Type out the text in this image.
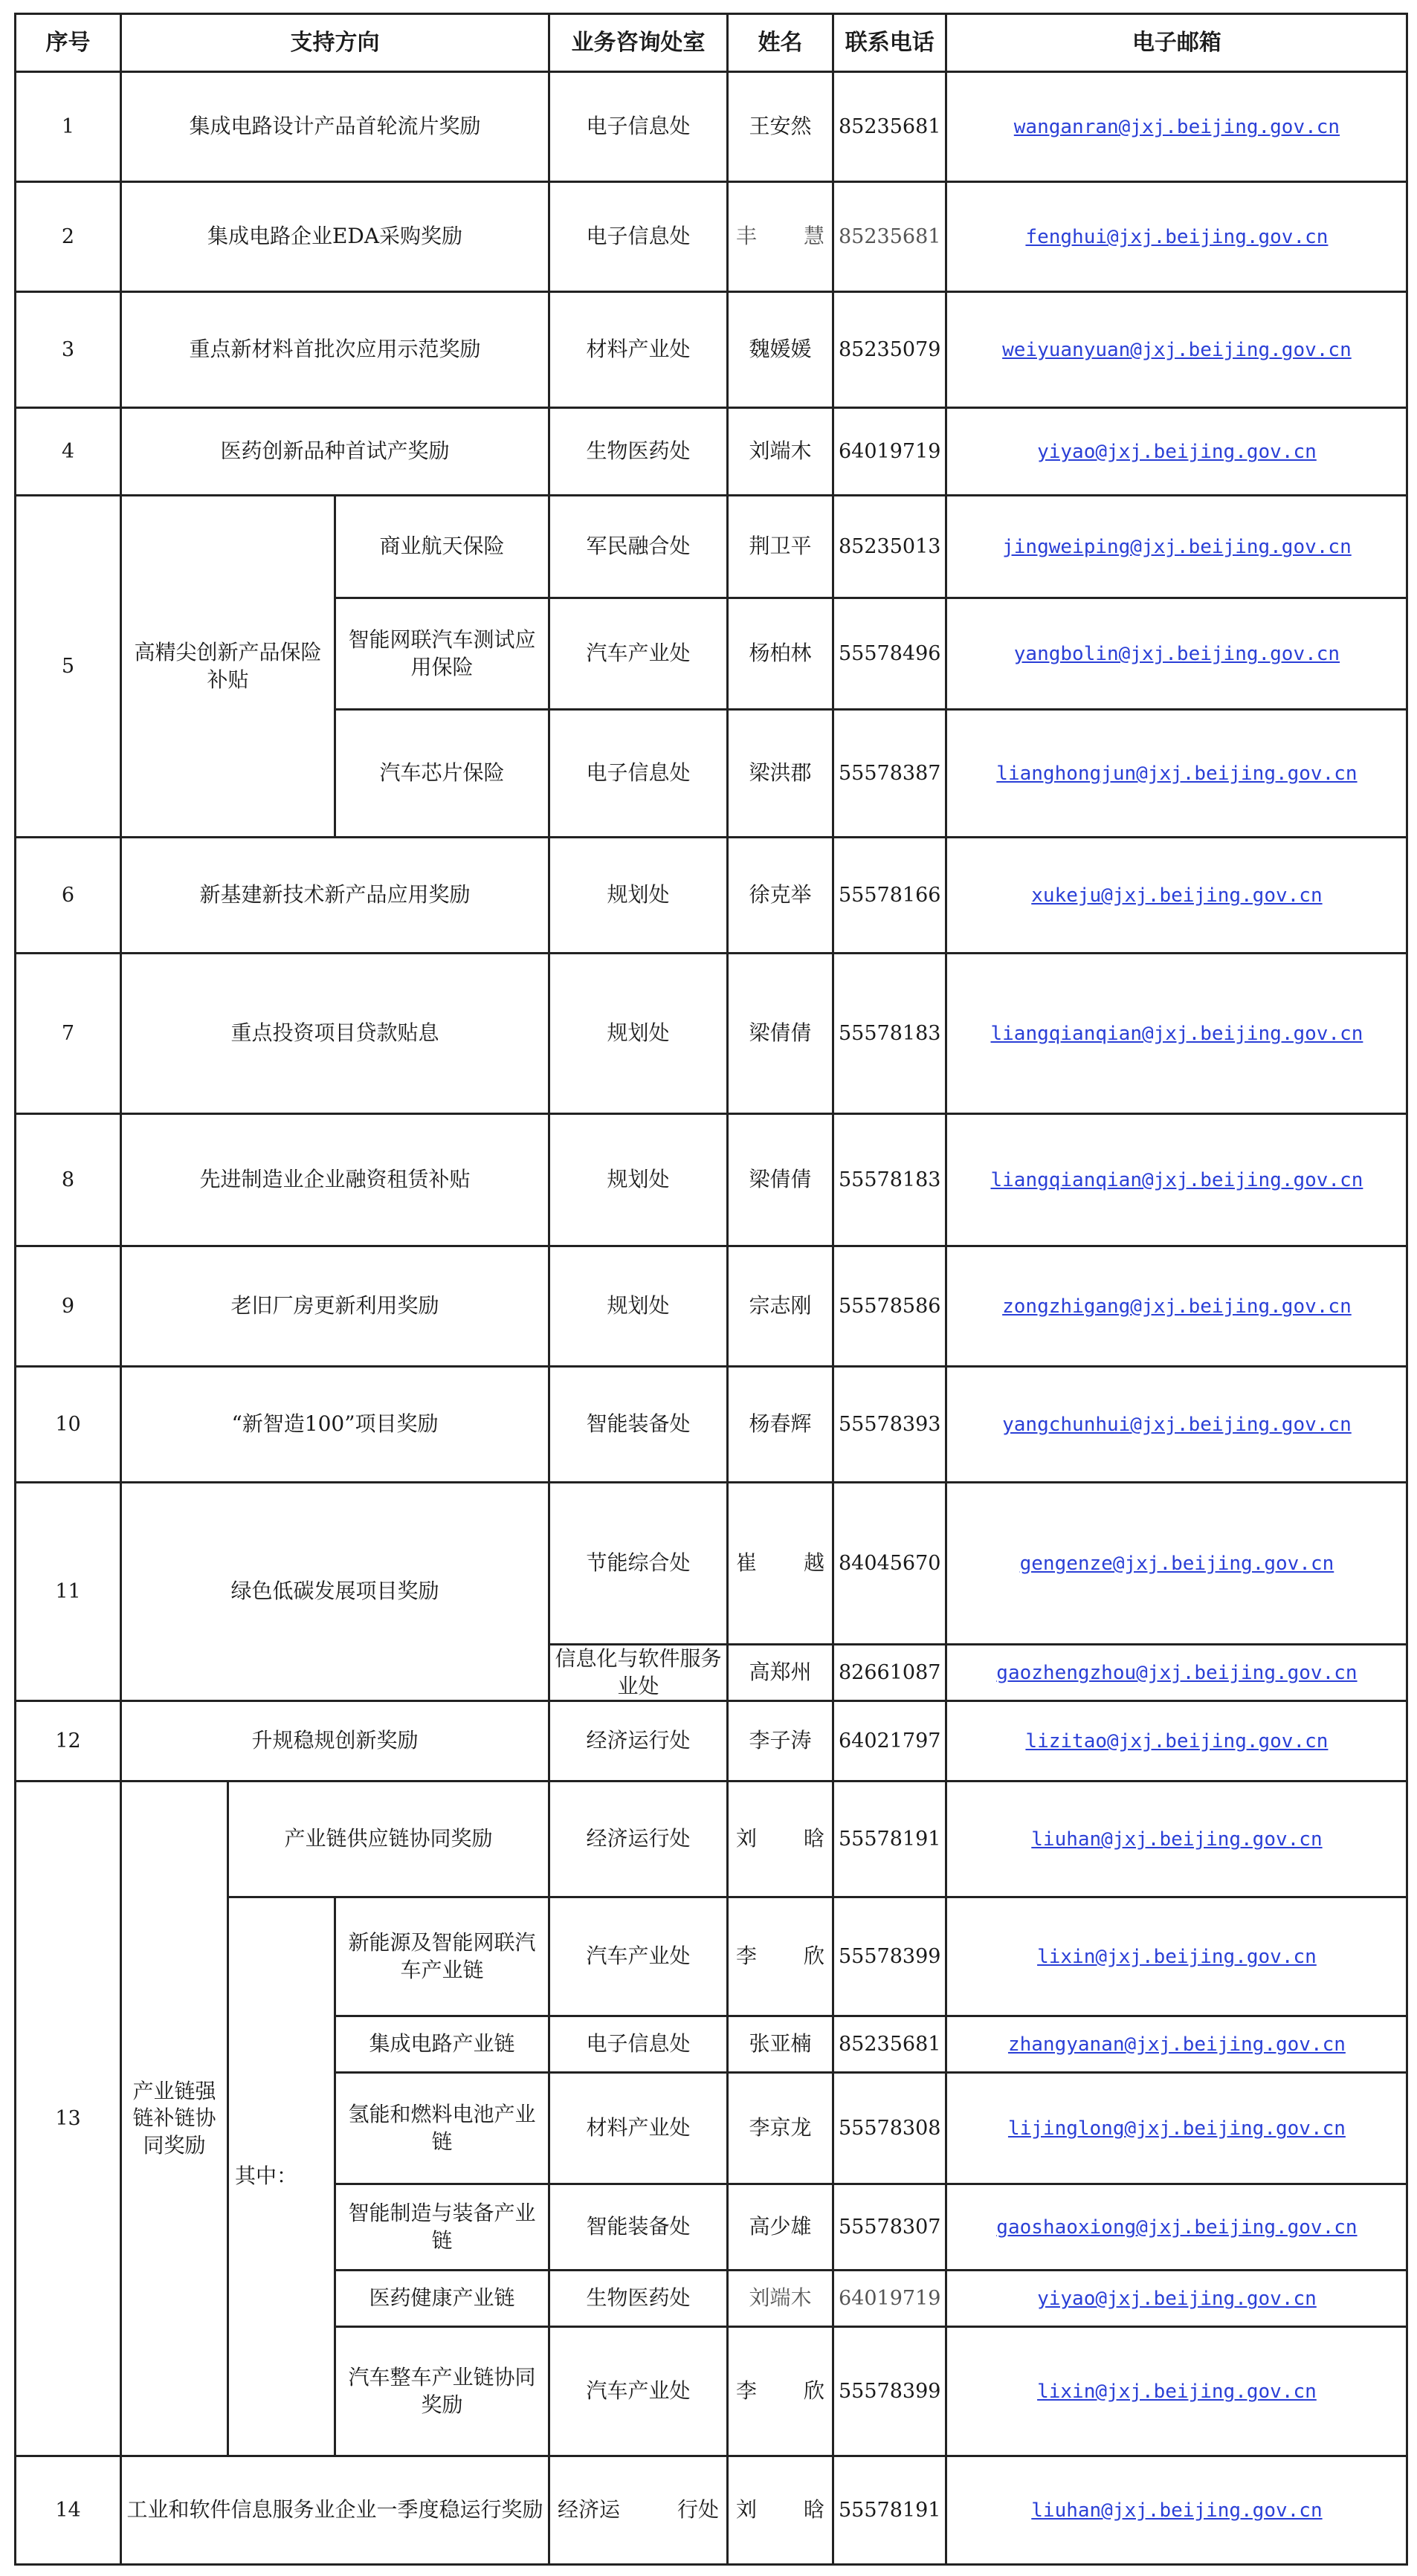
序号	支持方向			业务咨询处室	姓名	联系电话	电子邮箱
1	集成电路设计产品首轮流片奖励			电子信息处	王安然	85235681	wanganran@jxj.beijing.gov.cn
2	集成电路企业EDA采购奖励			电子信息处	丰 慧	85235681	fenghui@jxj.beijing.gov.cn
3	重点新材料首批次应用示范奖励			材料产业处	魏媛媛	85235079	weiyuanyuan@jxj.beijing.gov.cn
4	医药创新品种首试产奖励			生物医药处	刘端木	64019719	yiyao@jxj.beijing.gov.cn
5	高精尖创新产品保险补贴		商业航天保险	军民融合处	荆卫平	85235013	jingweiping@jxj.beijing.gov.cn
			智能网联汽车测试应用保险	汽车产业处	杨柏林	55578496	yangbolin@jxj.beijing.gov.cn
			汽车芯片保险	电子信息处	梁洪郡	55578387	lianghongjun@jxj.beijing.gov.cn
6	新基建新技术新产品应用奖励			规划处	徐克举	55578166	xukeju@jxj.beijing.gov.cn
7	重点投资项目贷款贴息			规划处	梁倩倩	55578183	liangqianqian@jxj.beijing.gov.cn
8	先进制造业企业融资租赁补贴			规划处	梁倩倩	55578183	liangqianqian@jxj.beijing.gov.cn
9	老旧厂房更新利用奖励			规划处	宗志刚	55578586	zongzhigang@jxj.beijing.gov.cn
10	“新智造100”项目奖励			智能装备处	杨春辉	55578393	yangchunhui@jxj.beijing.gov.cn
11	绿色低碳发展项目奖励			节能综合处	崔 越	84045670	gengenze@jxj.beijing.gov.cn
				信息化与软件服务业处	高郑州	82661087	gaozhengzhou@jxj.beijing.gov.cn
12	升规稳规创新奖励			经济运行处	李子涛	64021797	lizitao@jxj.beijing.gov.cn
13	产业链强链补链协同奖励	产业链供应链协同奖励		经济运行处	刘 晗	55578191	liuhan@jxj.beijing.gov.cn
		其中：	新能源及智能网联汽车产业链	汽车产业处	李 欣	55578399	lixin@jxj.beijing.gov.cn
			集成电路产业链	电子信息处	张亚楠	85235681	zhangyanan@jxj.beijing.gov.cn
			氢能和燃料电池产业链	材料产业处	李京龙	55578308	lijinglong@jxj.beijing.gov.cn
			智能制造与装备产业链	智能装备处	高少雄	55578307	gaoshaoxiong@jxj.beijing.gov.cn
			医药健康产业链	生物医药处	刘端木	64019719	yiyao@jxj.beijing.gov.cn
			汽车整车产业链协同奖励	汽车产业处	李 欣	55578399	lixin@jxj.beijing.gov.cn
14	工业和软件信息服务业企业一季度稳运行奖励			经济运 行处	刘 晗	55578191	liuhan@jxj.beijing.gov.cn
